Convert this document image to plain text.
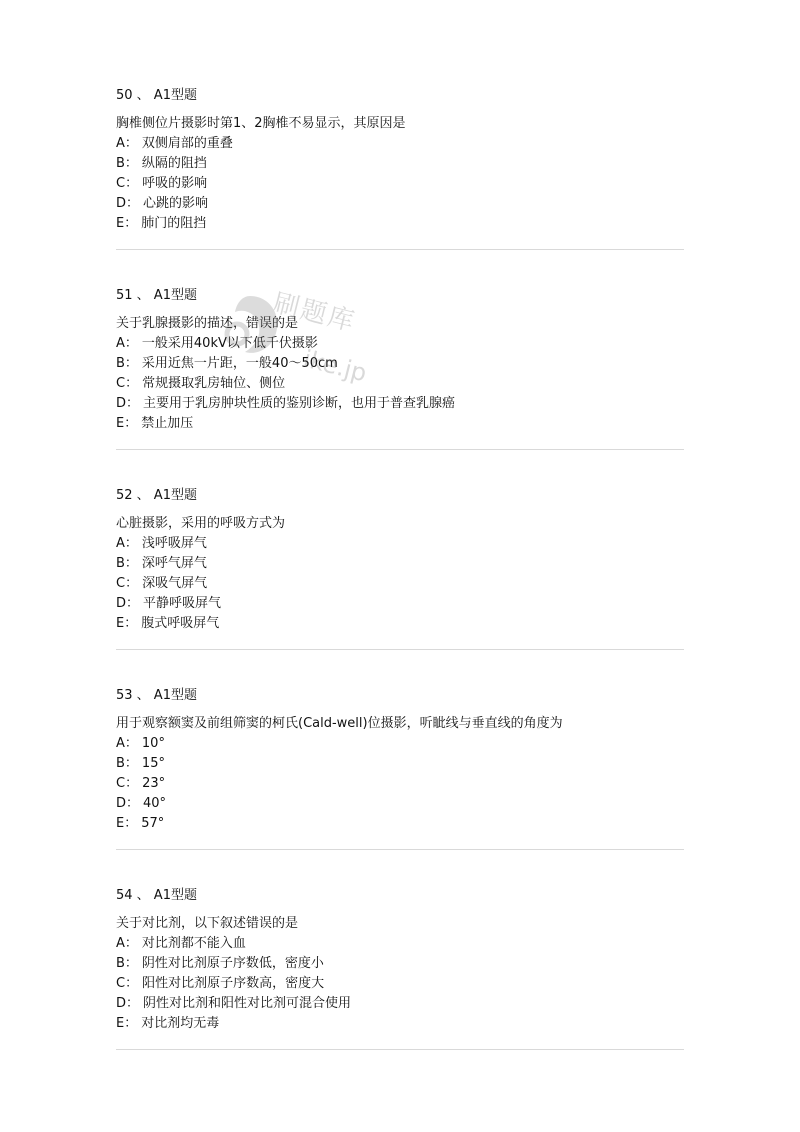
50 、 A1型题
胸椎侧位片摄影时第1、2胸椎不易显示，其原因是
A： 双侧肩部的重叠
B： 纵隔的阻挡
C： 呼吸的影响
D： 心跳的影响
E： 肺门的阻挡
51 、 A1型题
关于乳腺摄影的描述，错误的是
A： 一般采用40kV以下低千伏摄影
B： 采用近焦一片距，一般40～50cm
C： 常规摄取乳房轴位、侧位
D： 主要用于乳房肿块性质的鉴别诊断，也用于普查乳腺癌
E： 禁止加压
52 、 A1型题
心脏摄影，采用的呼吸方式为
A： 浅呼吸屏气
B： 深呼气屏气
C： 深吸气屏气
D： 平静呼吸屏气
E： 腹式呼吸屏气
53 、 A1型题
用于观察额窦及前组筛窦的柯氏(Cald-well)位摄影，听眦线与垂直线的角度为
A： 10°
B： 15°
C： 23°
D： 40°
E： 57°
54 、 A1型题
关于对比剂，以下叙述错误的是
A： 对比剂都不能入血
B： 阴性对比剂原子序数低，密度小
C： 阳性对比剂原子序数高，密度大
D： 阴性对比剂和阳性对比剂可混合使用
E： 对比剂均无毒
刷题库
ike.jp
